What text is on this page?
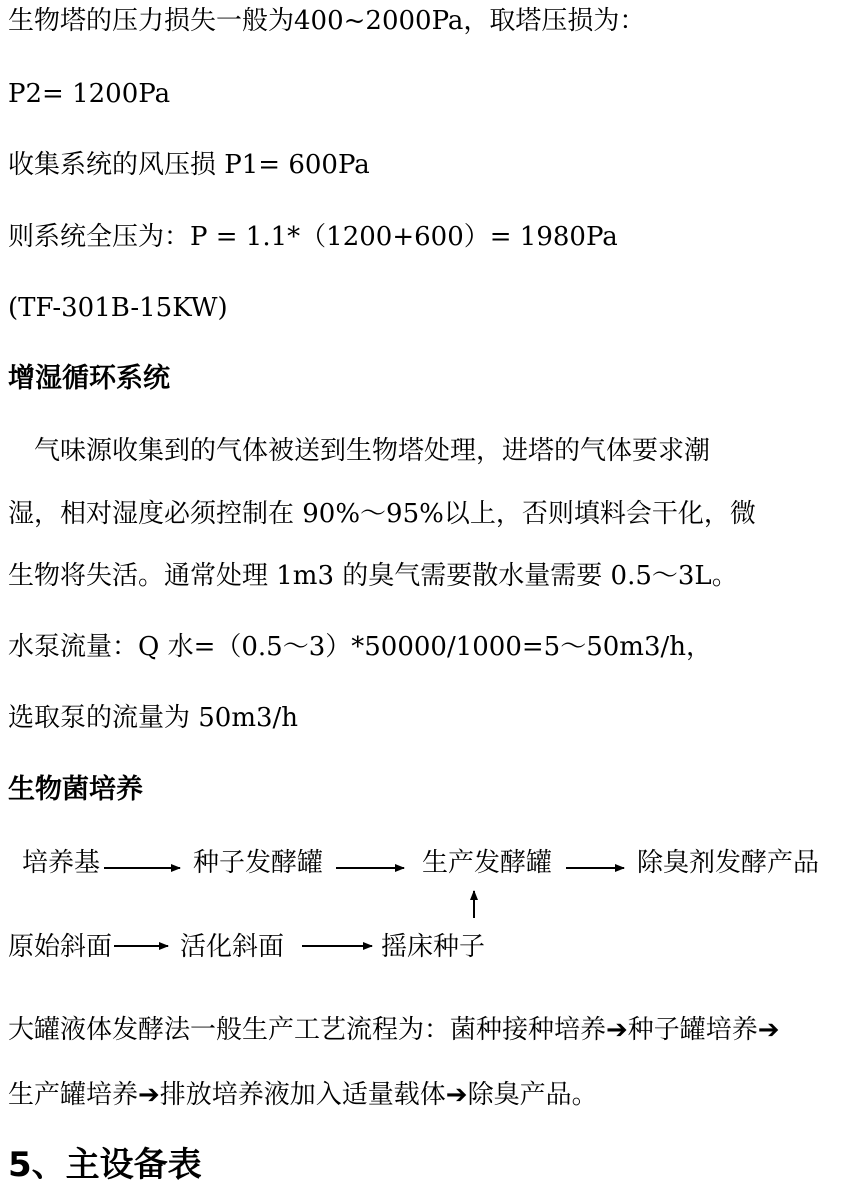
生物塔的压力损失一般为400~2000Pa，取塔压损为：
P2= 1200Pa
收集系统的风压损 P1= 600Pa
则系统全压为：P = 1.1*（1200+600）= 1980Pa
(TF-301B-15KW)
增湿循环系统
　气味源收集到的气体被送到生物塔处理，进塔的气体要求潮
湿，相对湿度必须控制在 90%～95%以上，否则填料会干化，微
生物将失活。通常处理 1m3 的臭气需要散水量需要 0.5～3L。
水泵流量：Q 水=（0.5～3）*50000/1000=5～50m3/h，
选取泵的流量为 50m3/h
生物菌培养
培养基	种子发酵罐	生产发酵罐	除臭剂发酵产品
原始斜面	活化斜面	摇床种子
大罐液体发酵法一般生产工艺流程为：菌种接种培养➔种子罐培养➔
生产罐培养➔排放培养液加入适量载体➔除臭产品。
5、主设备表
